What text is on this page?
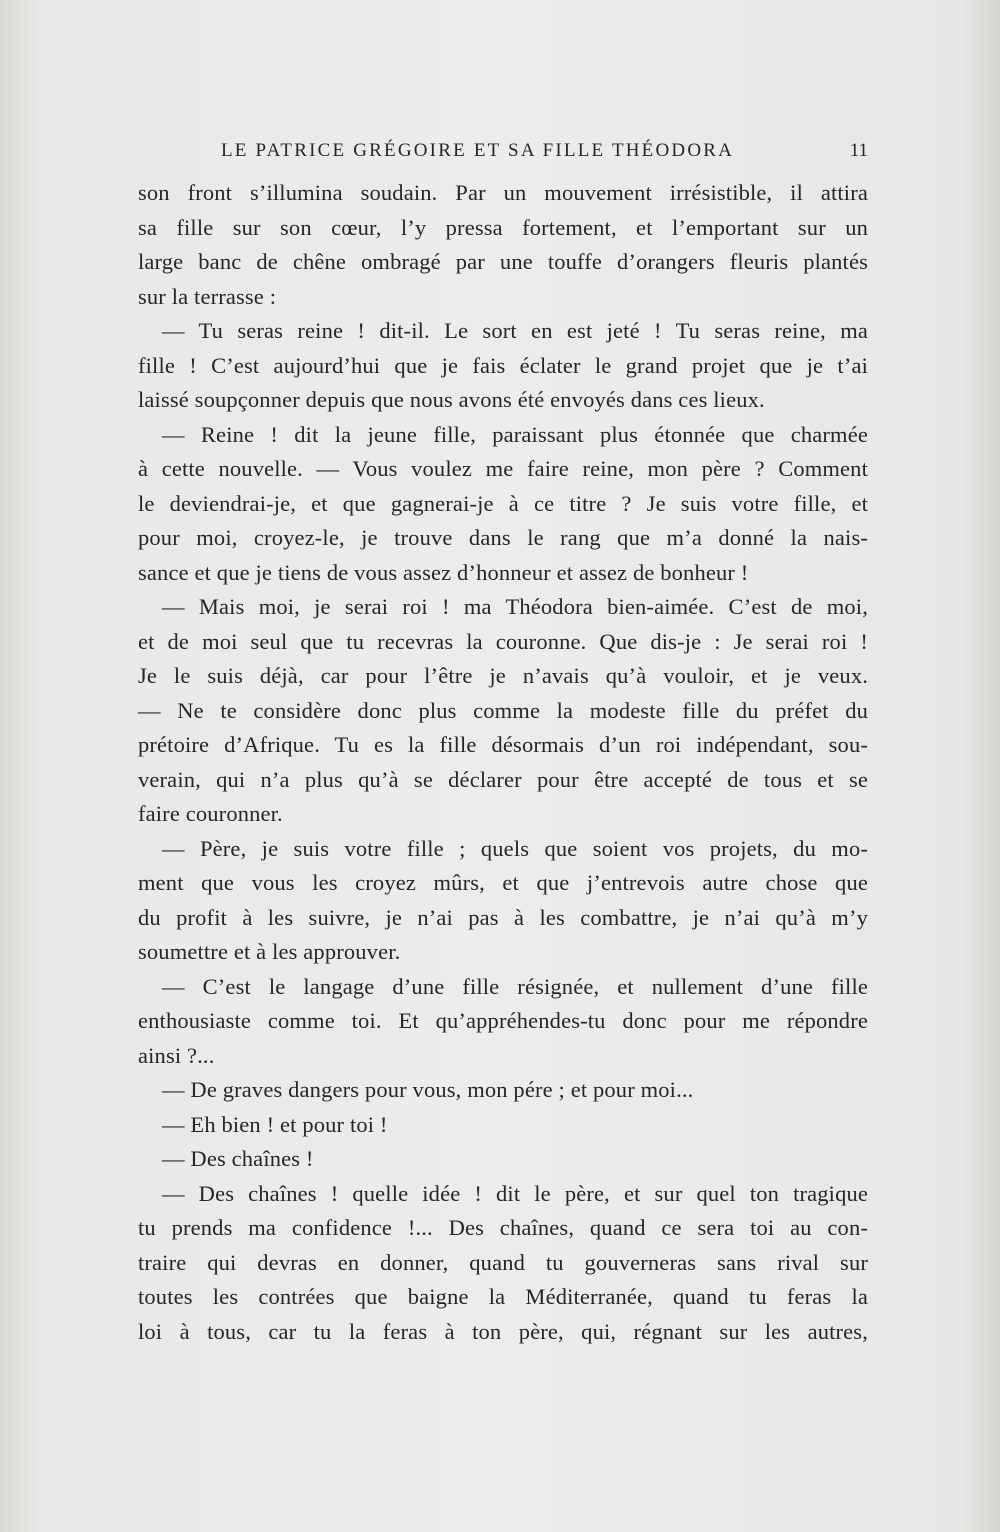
LE PATRICE GRÉGOIRE ET SA FILLE THÉODORA	11
son front s’illumina soudain. Par un mouvement irrésistible, il attira
sa fille sur son cœur, l’y pressa fortement, et l’emportant sur un
large banc de chêne ombragé par une touffe d’orangers fleuris plantés
sur la terrasse :
— Tu seras reine ! dit-il. Le sort en est jeté ! Tu seras reine, ma
fille ! C’est aujourd’hui que je fais éclater le grand projet que je t’ai
laissé soupçonner depuis que nous avons été envoyés dans ces lieux.
— Reine ! dit la jeune fille, paraissant plus étonnée que charmée
à cette nouvelle. — Vous voulez me faire reine, mon père ? Comment
le deviendrai-je, et que gagnerai-je à ce titre ? Je suis votre fille, et
pour moi, croyez-le, je trouve dans le rang que m’a donné la nais-
sance et que je tiens de vous assez d’honneur et assez de bonheur !
— Mais moi, je serai roi ! ma Théodora bien-aimée. C’est de moi,
et de moi seul que tu recevras la couronne. Que dis-je : Je serai roi !
Je le suis déjà, car pour l’être je n’avais qu’à vouloir, et je veux.
— Ne te considère donc plus comme la modeste fille du préfet du
prétoire d’Afrique. Tu es la fille désormais d’un roi indépendant, sou-
verain, qui n’a plus qu’à se déclarer pour être accepté de tous et se
faire couronner.
— Père, je suis votre fille ; quels que soient vos projets, du mo-
ment que vous les croyez mûrs, et que j’entrevois autre chose que
du profit à les suivre, je n’ai pas à les combattre, je n’ai qu’à m’y
soumettre et à les approuver.
— C’est le langage d’une fille résignée, et nullement d’une fille
enthousiaste comme toi. Et qu’appréhendes-tu donc pour me répondre
ainsi ?...
— De graves dangers pour vous, mon pére ; et pour moi...
— Eh bien ! et pour toi !
— Des chaînes !
— Des chaînes ! quelle idée ! dit le père, et sur quel ton tragique
tu prends ma confidence !... Des chaînes, quand ce sera toi au con-
traire qui devras en donner, quand tu gouverneras sans rival sur
toutes les contrées que baigne la Méditerranée, quand tu feras la
loi à tous, car tu la feras à ton père, qui, régnant sur les autres,
